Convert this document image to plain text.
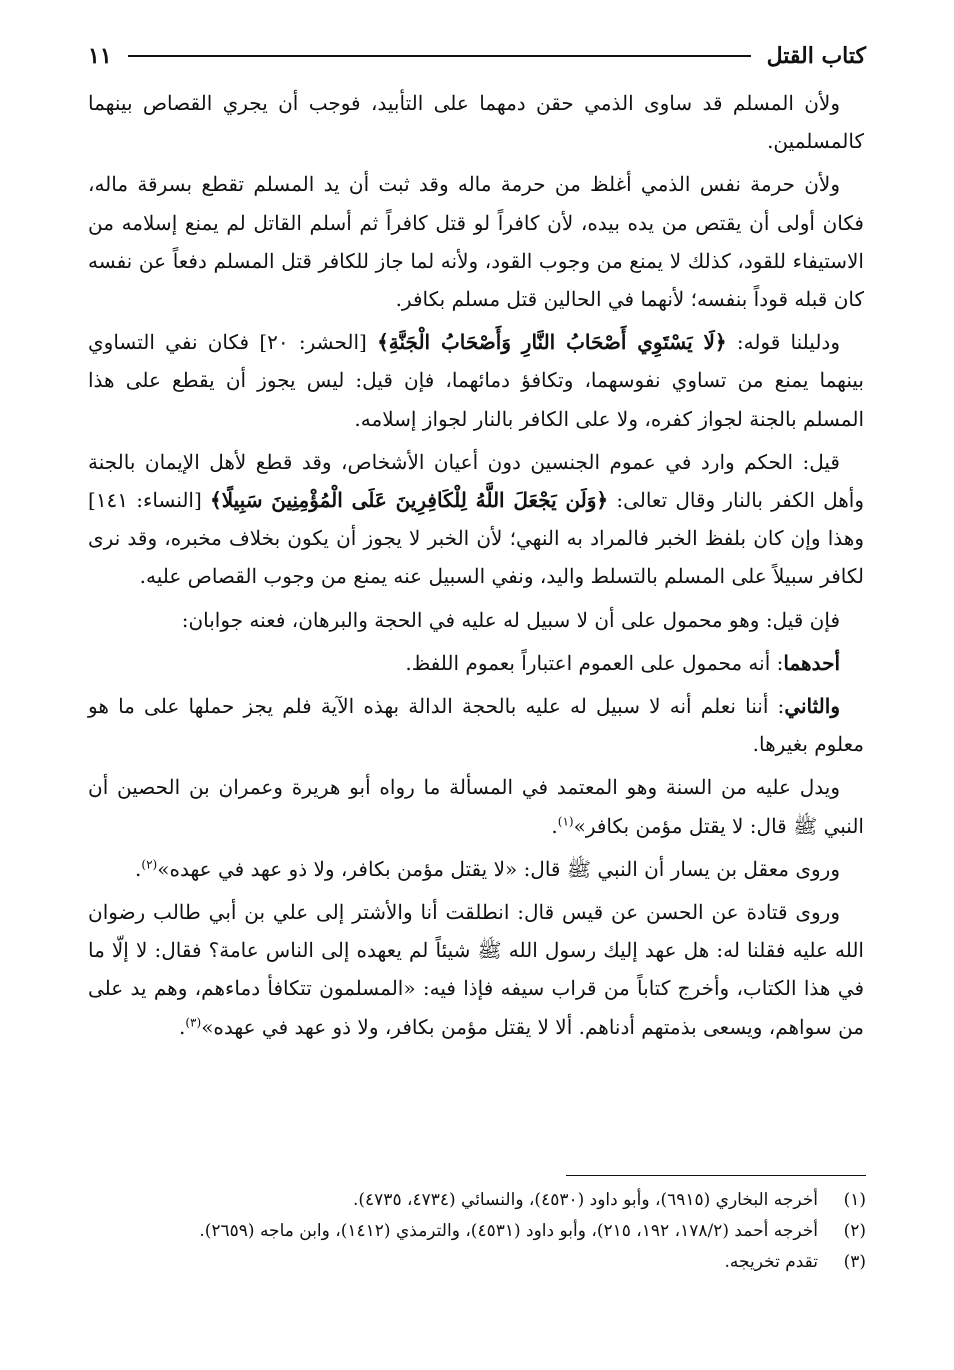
كتاب القتل
١١

ولأن المسلم قد ساوى الذمي حقن دمهما على التأبيد، فوجب أن يجري القصاص بينهما كالمسلمين.

ولأن حرمة نفس الذمي أغلظ من حرمة ماله وقد ثبت أن يد المسلم تقطع بسرقة ماله، فكان أولى أن يقتص من يده بيده، لأن كافراً لو قتل كافراً ثم أسلم القاتل لم يمنع إسلامه من الاستيفاء للقود، كذلك لا يمنع من وجوب القود، ولأنه لما جاز للكافر قتل المسلم دفعاً عن نفسه كان قبله قوداً بنفسه؛ لأنهما في الحالين قتل مسلم بكافر.

ودليلنا قوله: ﴿لَا يَسْتَوِي أَصْحَابُ النَّارِ وَأَصْحَابُ الْجَنَّةِ﴾ [الحشر: ٢٠] فكان نفي التساوي بينهما يمنع من تساوي نفوسهما، وتكافؤ دمائهما، فإن قيل: ليس يجوز أن يقطع على هذا المسلم بالجنة لجواز كفره، ولا على الكافر بالنار لجواز إسلامه.

قيل: الحكم وارد في عموم الجنسين دون أعيان الأشخاص، وقد قطع لأهل الإيمان بالجنة وأهل الكفر بالنار وقال تعالى: ﴿وَلَن يَجْعَلَ اللَّهُ لِلْكَافِرِينَ عَلَى الْمُؤْمِنِينَ سَبِيلًا﴾ [النساء: ١٤١] وهذا وإن كان بلفظ الخبر فالمراد به النهي؛ لأن الخبر لا يجوز أن يكون بخلاف مخبره، وقد نرى لكافر سبيلاً على المسلم بالتسلط واليد، ونفي السبيل عنه يمنع من وجوب القصاص عليه.

فإن قيل: وهو محمول على أن لا سبيل له عليه في الحجة والبرهان، فعنه جوابان:

أحدهما: أنه محمول على العموم اعتباراً بعموم اللفظ.

والثاني: أننا نعلم أنه لا سبيل له عليه بالحجة الدالة بهذه الآية فلم يجز حملها على ما هو معلوم بغيرها.

ويدل عليه من السنة وهو المعتمد في المسألة ما رواه أبو هريرة وعمران بن الحصين أن النبي ﷺ قال: لا يقتل مؤمن بكافر»$^{(١)}$.

وروى معقل بن يسار أن النبي ﷺ قال: «لا يقتل مؤمن بكافر، ولا ذو عهد في عهده»$^{(٢)}$.

وروى قتادة عن الحسن عن قيس قال: انطلقت أنا والأشتر إلى علي بن أبي طالب رضوان الله عليه فقلنا له: هل عهد إليك رسول الله ﷺ شيئاً لم يعهده إلى الناس عامة؟ فقال: لا إلّا ما في هذا الكتاب، وأخرج كتاباً من قراب سيفه فإذا فيه: «المسلمون تتكافأ دماءهم، وهم يد على من سواهم، ويسعى بذمتهم أدناهم. ألا لا يقتل مؤمن بكافر، ولا ذو عهد في عهده»$^{(٣)}$.

(١)
أخرجه البخاري (٦٩١٥)، وأبو داود (٤٥٣٠)، والنسائي (٤٧٣٤، ٤٧٣٥).
(٢)
أخرجه أحمد (١٧٨/٢، ١٩٢، ٢١٥)، وأبو داود (٤٥٣١)، والترمذي (١٤١٢)، وابن ماجه (٢٦٥٩).
(٣)
تقدم تخريجه.
